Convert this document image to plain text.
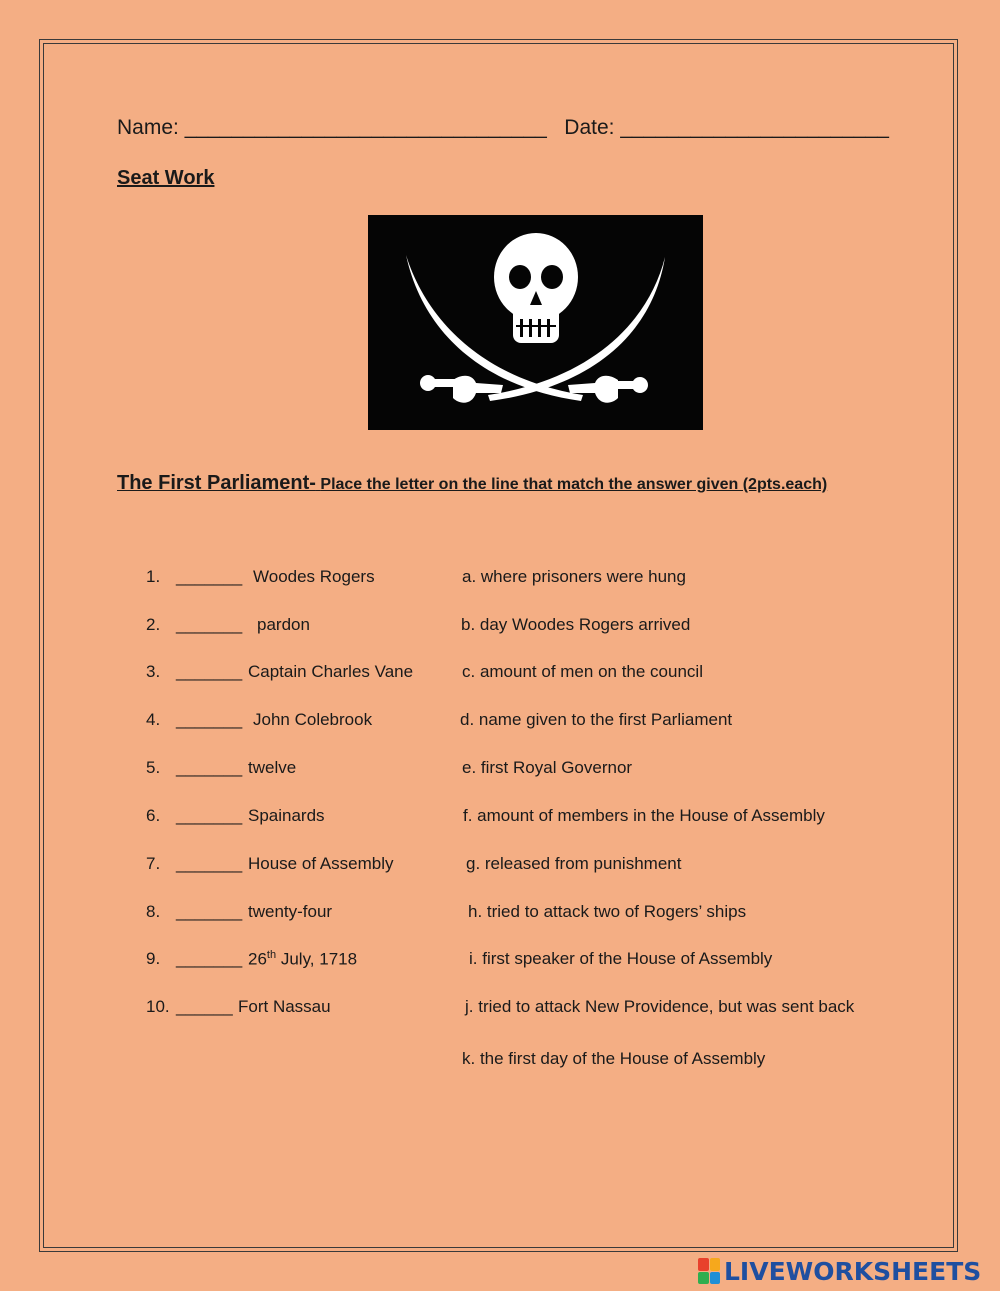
Name: _______________________________ Date: _______________________
Seat Work
The First Parliament- Place the letter on the line that match the answer given (2pts.each)
1. _______ Woodes Rogers	a. where prisoners were hung
2. _______ pardon	b. day Woodes Rogers arrived
3. _______ Captain Charles Vane	c. amount of men on the council
4. _______ John Colebrook	d. name given to the first Parliament
5. _______ twelve	e. first Royal Governor
6. _______ Spainards	f. amount of members in the House of Assembly
7. _______ House of Assembly	g. released from punishment
8. _______ twenty-four	h. tried to attack two of Rogers’ ships
9. _______ 26th July, 1718	i. first speaker of the House of Assembly
10. ______ Fort Nassau	j. tried to attack New Providence, but was sent back
k. the first day of the House of Assembly
LIVEWORKSHEETS
